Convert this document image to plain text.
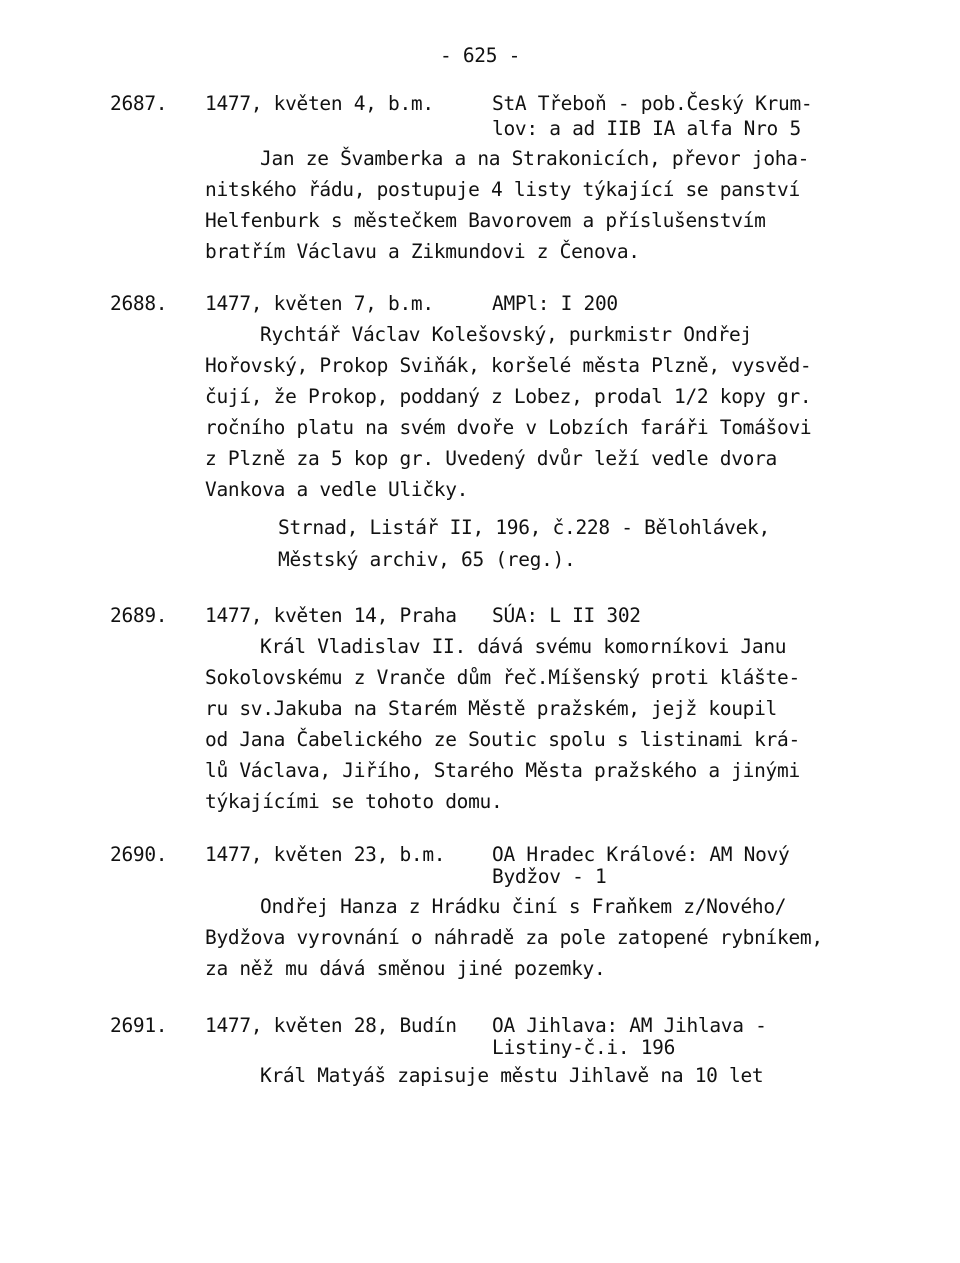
- 625 -
2687. 1477, květen 4, b.m.	StA Třeboň - pob.Český Krum-
lov: a ad IIB IA alfa Nro 5
Jan ze Švamberka a na Strakonicích, převor joha-
nitského řádu, postupuje 4 listy týkající se panství
Helfenburk s městečkem Bavorovem a příslušenstvím
bratřím Václavu a Zikmundovi z Čenova.
2688. 1477, květen 7, b.m.	AMPl: I 200
Rychtář Václav Kolešovský, purkmistr Ondřej
Hořovský, Prokop Sviňák, koršelé města Plzně, vysvěd-
čují, že Prokop, poddaný z Lobez, prodal 1/2 kopy gr.
ročního platu na svém dvoře v Lobzích faráři Tomášovi
z Plzně za 5 kop gr. Uvedený dvůr leží vedle dvora
Vankova a vedle Uličky.
Strnad, Listář II, 196, č.228 - Bělohlávek,
Městský archiv, 65 (reg.).
2689. 1477, květen 14, Praha SÚA: L II 302
Král Vladislav II. dává svému komorníkovi Janu
Sokolovskému z Vranče dům řeč.Míšenský proti kláštе-
ru sv.Jakuba na Starém Městě pražském, jejž koupil
od Jana Čabelického ze Soutic spolu s listinami krá-
lů Václava, Jiřího, Starého Města pražského a jinými
týkajícími se tohoto domu.
2690. 1477, květen 23, b.m. OA Hradec Králové: AM Nový
Bydžov - 1
Ondřej Hanza z Hrádku činí s Fraňkem z/Nového/
Bydžova vyrovnání o náhradě za pole zatopené rybníkem,
za něž mu dává směnou jiné pozemky.
2691. 1477, květen 28, Budín OA Jihlava: AM Jihlava -
Listiny-č.i. 196
Král Matyáš zapisuje městu Jihlavě na 10 let
